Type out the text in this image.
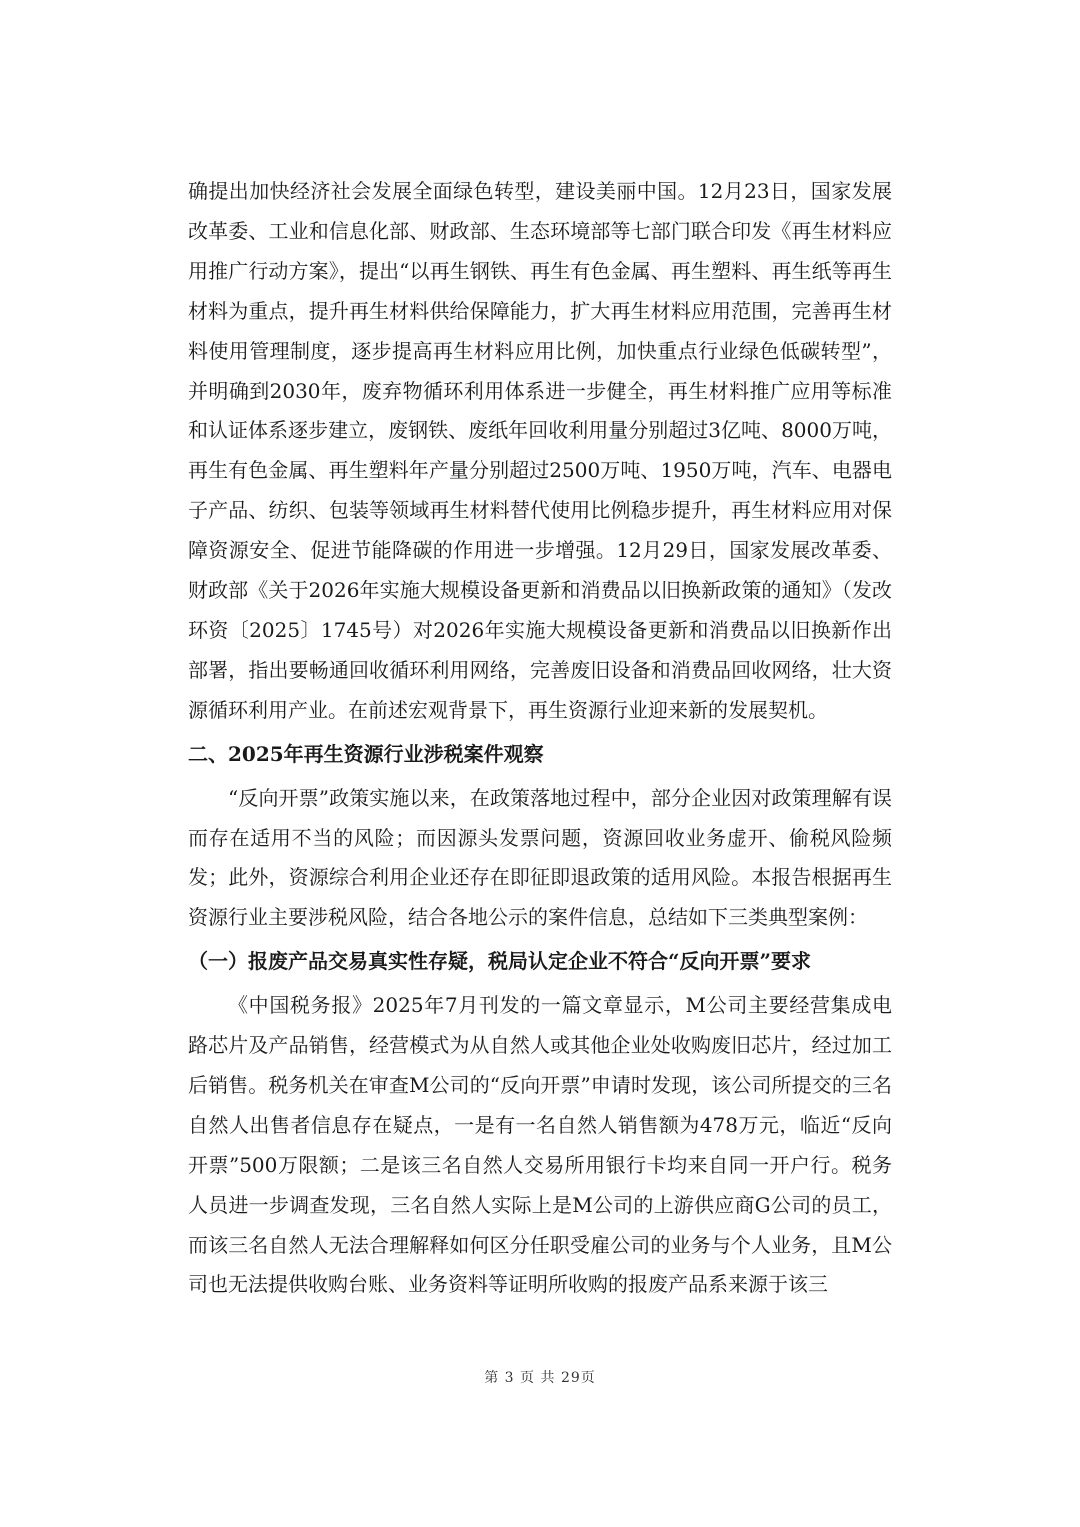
确提出加快经济社会发展全面绿色转型，建设美丽中国。12月23日，国家发展改革委、工业和信息化部、财政部、生态环境部等七部门联合印发《再生材料应用推广行动方案》，提出“以再生钢铁、再生有色金属、再生塑料、再生纸等再生材料为重点，提升再生材料供给保障能力，扩大再生材料应用范围，完善再生材料使用管理制度，逐步提高再生材料应用比例，加快重点行业绿色低碳转型”，并明确到2030年，废弃物循环利用体系进一步健全，再生材料推广应用等标准和认证体系逐步建立，废钢铁、废纸年回收利用量分别超过3亿吨、8000万吨，再生有色金属、再生塑料年产量分别超过2500万吨、1950万吨，汽车、电器电子产品、纺织、包装等领域再生材料替代使用比例稳步提升，再生材料应用对保障资源安全、促进节能降碳的作用进一步增强。12月29日，国家发展改革委、财政部《关于2026年实施大规模设备更新和消费品以旧换新政策的通知》（发改环资〔2025〕1745号）对2026年实施大规模设备更新和消费品以旧换新作出部署，指出要畅通回收循环利用网络，完善废旧设备和消费品回收网络，壮大资源循环利用产业。在前述宏观背景下，再生资源行业迎来新的发展契机。

二、2025年再生资源行业涉税案件观察

“反向开票”政策实施以来，在政策落地过程中，部分企业因对政策理解有误而存在适用不当的风险；而因源头发票问题，资源回收业务虚开、偷税风险频发；此外，资源综合利用企业还存在即征即退政策的适用风险。本报告根据再生资源行业主要涉税风险，结合各地公示的案件信息，总结如下三类典型案例：

（一）报废产品交易真实性存疑，税局认定企业不符合“反向开票”要求

《中国税务报》2025年7月刊发的一篇文章显示，M公司主要经营集成电路芯片及产品销售，经营模式为从自然人或其他企业处收购废旧芯片，经过加工后销售。税务机关在审查M公司的“反向开票”申请时发现，该公司所提交的三名自然人出售者信息存在疑点，一是有一名自然人销售额为478万元，临近“反向开票”500万限额；二是该三名自然人交易所用银行卡均来自同一开户行。税务人员进一步调查发现，三名自然人实际上是M公司的上游供应商G公司的员工，而该三名自然人无法合理解释如何区分任职受雇公司的业务与个人业务，且M公司也无法提供收购台账、业务资料等证明所收购的报废产品系来源于该三

第 3 页 共 29页
